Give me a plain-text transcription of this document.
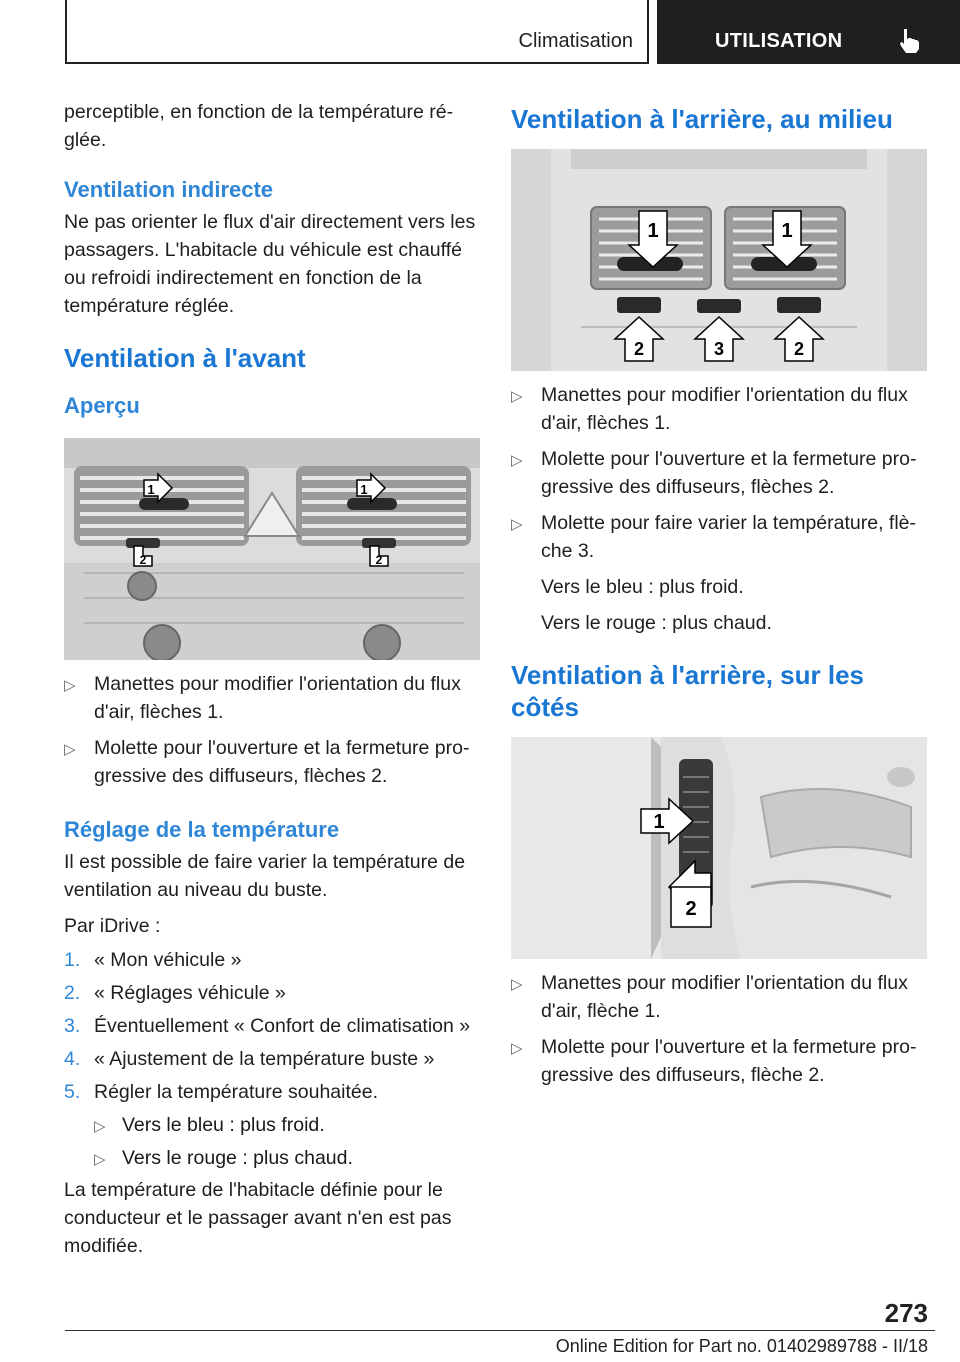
Climatisation	UTILISATION

perceptible, en fonction de la température réglée.

Ventilation indirecte

Ne pas orienter le flux d'air directement vers les passagers. L'habitacle du véhicule est chauffé ou refroidi indirectement en fonction de la température réglée.

Ventilation à l'avant
Aperçu
1	1
2	2
▷ Manettes pour modifier l'orientation du flux d'air, flèches 1.
▷ Molette pour l'ouverture et la fermeture progressive des diffuseurs, flèches 2.
Réglage de la température

Il est possible de faire varier la température de ventilation au niveau du buste.

Par iDrive :

1. « Mon véhicule »
2. « Réglages véhicule »
3. Éventuellement « Confort de climatisation »
4. « Ajustement de la température buste »
5. Régler la température souhaitée.
▷ Vers le bleu : plus froid.
▷ Vers le rouge : plus chaud.

La température de l'habitacle définie pour le conducteur et le passager avant n'en est pas modifiée.

Ventilation à l'arrière, au milieu
1	1
2	3	2
▷ Manettes pour modifier l'orientation du flux d'air, flèches 1.
▷ Molette pour l'ouverture et la fermeture progressive des diffuseurs, flèches 2.
▷ Molette pour faire varier la température, flèche 3.
Vers le bleu : plus froid.
Vers le rouge : plus chaud.
Ventilation à l'arrière, sur les côtés
1
2
▷ Manettes pour modifier l'orientation du flux d'air, flèche 1.
▷ Molette pour l'ouverture et la fermeture progressive des diffuseurs, flèche 2.
273
Online Edition for Part no. 01402989788 - II/18
